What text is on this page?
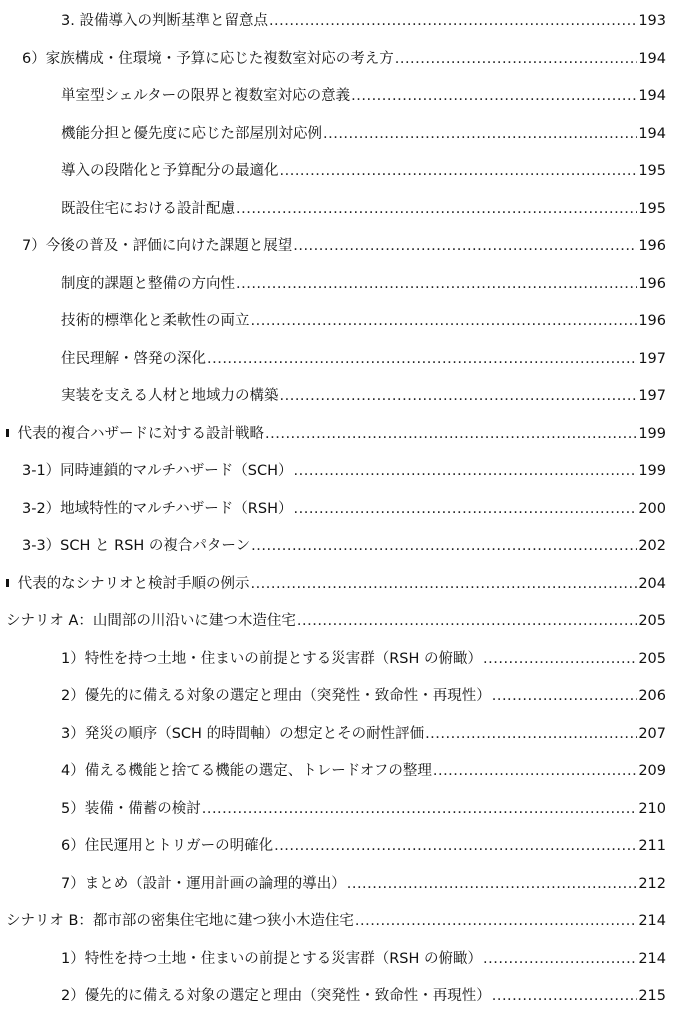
3. 設備導入の判断基準と留意点 .....	193
6）家族構成・住環境・予算に応じた複数室対応の考え方 .....	194
単室型シェルターの限界と複数室対応の意義 .....	194
機能分担と優先度に応じた部屋別対応例 .....	194
導入の段階化と予算配分の最適化 .....	195
既設住宅における設計配慮 .....	195
7）今後の普及・評価に向けた課題と展望 .....	196
制度的課題と整備の方向性 .....	196
技術的標準化と柔軟性の両立 .....	196
住民理解・啓発の深化 .....	197
実装を支える人材と地域力の構築 .....	197
代表的複合ハザードに対する設計戦略 .....	199
3-1）同時連鎖的マルチハザード（SCH） .....	199
3-2）地域特性的マルチハザード（RSH） .....	200
3-3）SCH と RSH の複合パターン .....	202
代表的なシナリオと検討手順の例示 .....	204
シナリオ A：山間部の川沿いに建つ木造住宅 .....	205
1）特性を持つ土地・住まいの前提とする災害群（RSH の俯瞰） .....	205
2）優先的に備える対象の選定と理由（突発性・致命性・再現性） .....	206
3）発災の順序（SCH 的時間軸）の想定とその耐性評価 .....	207
4）備える機能と捨てる機能の選定、トレードオフの整理 .....	209
5）装備・備蓄の検討 .....	210
6）住民運用とトリガーの明確化 .....	211
7）まとめ（設計・運用計画の論理的導出） .....	212
シナリオ B：都市部の密集住宅地に建つ狭小木造住宅 .....	214
1）特性を持つ土地・住まいの前提とする災害群（RSH の俯瞰） .....	214
2）優先的に備える対象の選定と理由（突発性・致命性・再現性） .....	215
